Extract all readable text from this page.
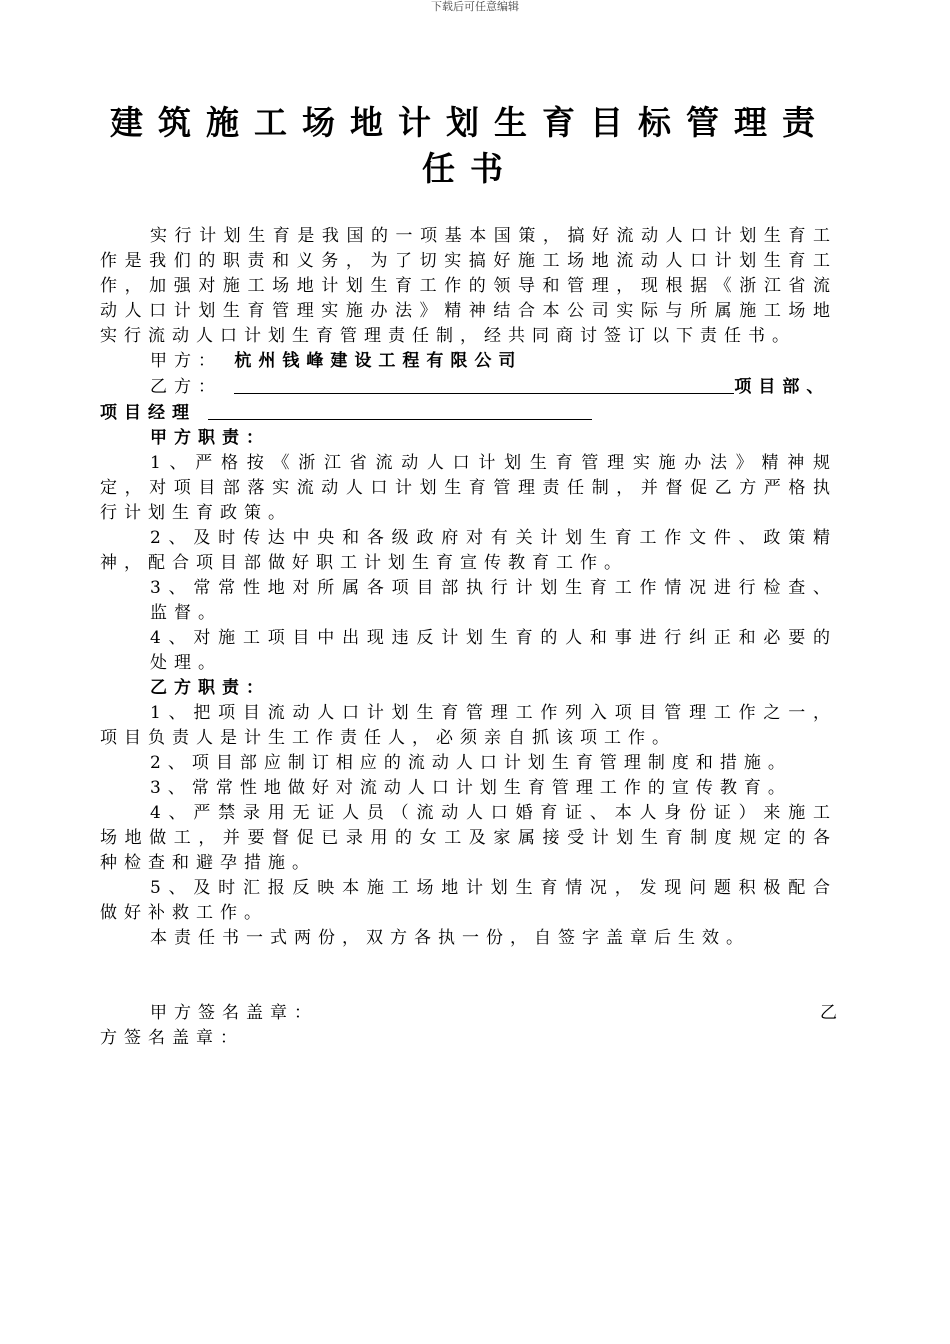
下载后可任意编辑
建筑施工场地计划生育目标管理责任书

实行计划生育是我国的一项基本国策，搞好流动人口计划生育工作是我们的职责和义务，为了切实搞好施工场地流动人口计划生育工作，加强对施工场地计划生育工作的领导和管理，现根据《浙江省流动人口计划生育管理实施办法》精神结合本公司实际与所属施工场地实行流动人口计划生育管理责任制，经共同商讨签订以下责任书。

甲方： 杭州钱峰建设工程有限公司

乙方：	项目部、

项目经理

甲方职责：

1、严格按《浙江省流动人口计划生育管理实施办法》精神规定，对项目部落实流动人口计划生育管理责任制，并督促乙方严格执行计划生育政策。

2、及时传达中央和各级政府对有关计划生育工作文件、政策精神，配合项目部做好职工计划生育宣传教育工作。

3、常常性地对所属各项目部执行计划生育工作情况进行检查、监督。

4、对施工项目中出现违反计划生育的人和事进行纠正和必要的处理。

乙方职责：

1、把项目流动人口计划生育管理工作列入项目管理工作之一，项目负责人是计生工作责任人，必须亲自抓该项工作。

2、项目部应制订相应的流动人口计划生育管理制度和措施。

3、常常性地做好对流动人口计划生育管理工作的宣传教育。

4、严禁录用无证人员（流动人口婚育证、本人身份证）来施工场地做工，并要督促已录用的女工及家属接受计划生育制度规定的各种检查和避孕措施。

5、及时汇报反映本施工场地计划生育情况，发现问题积极配合做好补救工作。

本责任书一式两份，双方各执一份，自签字盖章后生效。

甲方签名盖章：	乙

方签名盖章：
